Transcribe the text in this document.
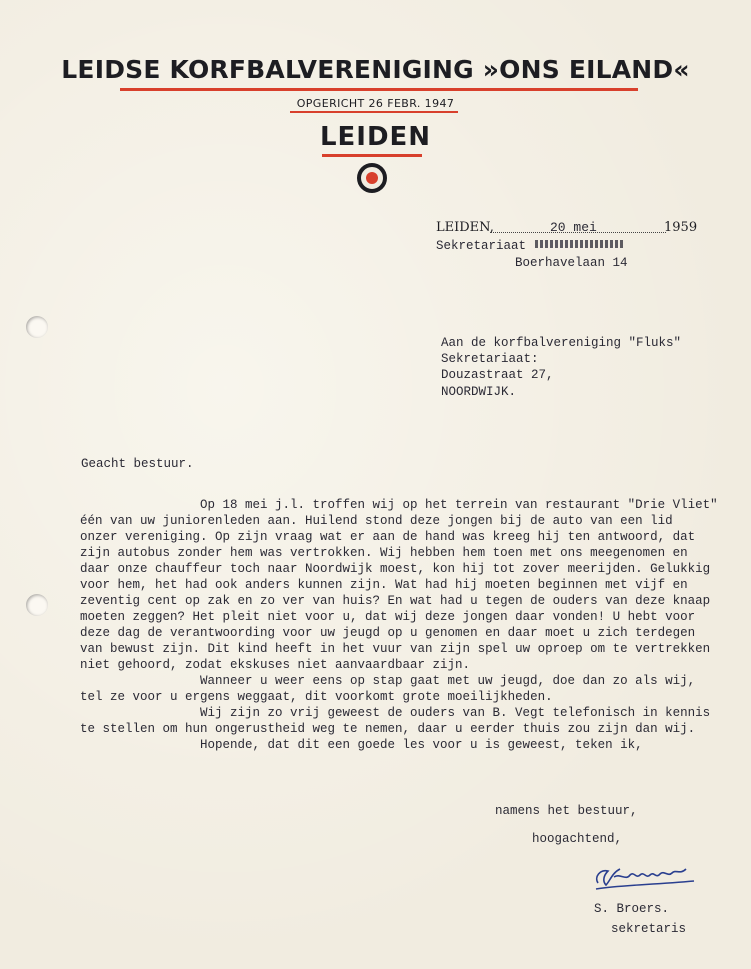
LEIDSE KORFBALVERENIGING »ONS EILAND«
OPGERICHT 26 FEBR. 1947
LEIDEN
LEIDEN,	20 mei	1959
Sekretariaat
Boerhavelaan 14
Aan de korfbalvereniging "Fluks"
Sekretariaat:
Douzastraat 27,
NOORDWIJK.
Geacht bestuur.
Op 18 mei j.l. troffen wij op het terrein van restaurant "Drie Vliet"
één van uw juniorenleden aan. Huilend stond deze jongen bij de auto van een lid
onzer vereniging. Op zijn vraag wat er aan de hand was kreeg hij ten antwoord, dat
zijn autobus zonder hem was vertrokken. Wij hebben hem toen met ons meegenomen en
daar onze chauffeur toch naar Noordwijk moest, kon hij tot zover meerijden. Gelukkig
voor hem, het had ook anders kunnen zijn. Wat had hij moeten beginnen met vijf en
zeventig cent op zak en zo ver van huis? En wat had u tegen de ouders van deze knaap
moeten zeggen? Het pleit niet voor u, dat wij deze jongen daar vonden! U hebt voor
deze dag de verantwoording voor uw jeugd op u genomen en daar moet u zich terdegen
van bewust zijn. Dit kind heeft in het vuur van zijn spel uw oproep om te vertrekken
niet gehoord, zodat ekskuses niet aanvaardbaar zijn.
Wanneer u weer eens op stap gaat met uw jeugd, doe dan zo als wij,
tel ze voor u ergens weggaat, dit voorkomt grote moeilijkheden.
Wij zijn zo vrij geweest de ouders van B. Vegt telefonisch in kennis
te stellen om hun ongerustheid weg te nemen, daar u eerder thuis zou zijn dan wij.
Hopende, dat dit een goede les voor u is geweest, teken ik,
namens het bestuur,
hoogachtend,
S. Broers.
sekretaris
